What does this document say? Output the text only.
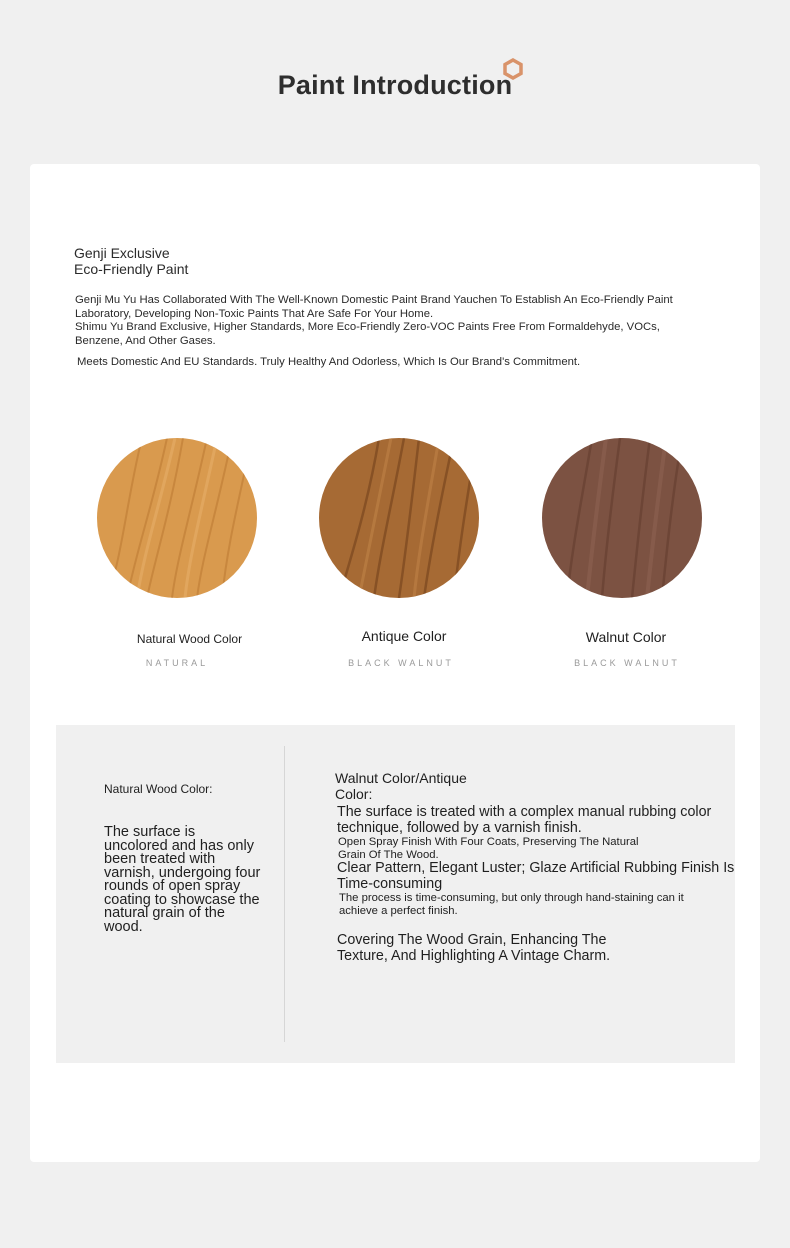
Paint Introduction
Genji Exclusive
Eco-Friendly Paint

Genji Mu Yu Has Collaborated With The Well-Known Domestic Paint Brand Yauchen To Establish An Eco-Friendly Paint Laboratory, Developing Non-Toxic Paints That Are Safe For Your Home.

Shimu Yu Brand Exclusive, Higher Standards, More Eco-Friendly Zero-VOC Paints Free From Formaldehyde, VOCs, Benzene, And Other Gases.

Meets Domestic And EU Standards. Truly Healthy And Odorless, Which Is Our Brand's Commitment.

Natural Wood Color
NATURAL
Antique Color
BLACK WALNUT
Walnut Color
BLACK WALNUT
Natural Wood Color:
The surface is uncolored and has only been treated with varnish, undergoing four rounds of open spray coating to showcase the natural grain of the wood.
Walnut Color/Antique Color:
The surface is treated with a complex manual rubbing color technique, followed by a varnish finish.
Open Spray Finish With Four Coats, Preserving The Natural Grain Of The Wood.
Clear Pattern, Elegant Luster; Glaze Artificial Rubbing Finish Is Time-consuming
The process is time-consuming, but only through hand-staining can it achieve a perfect finish.
Covering The Wood Grain, Enhancing The Texture, And Highlighting A Vintage Charm.
